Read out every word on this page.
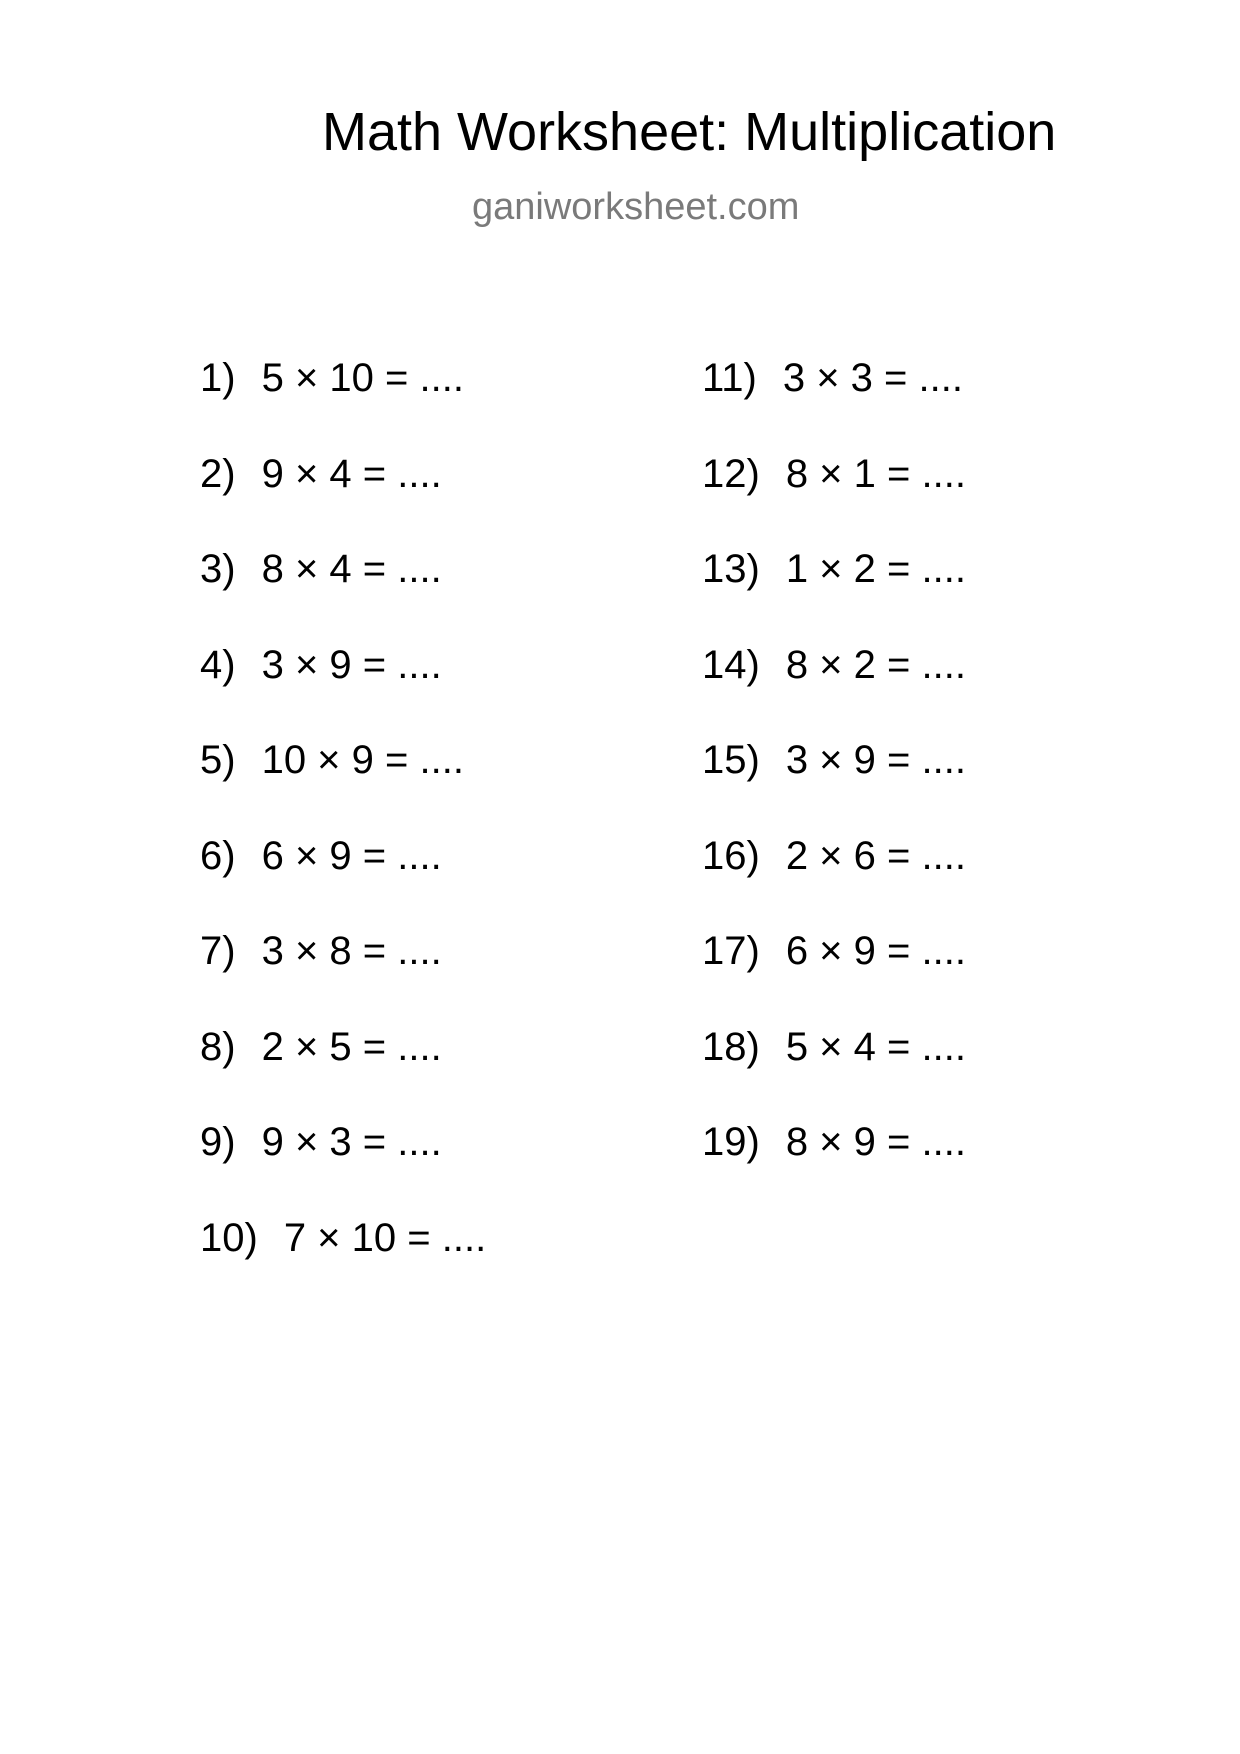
Math Worksheet: Multiplication
ganiworksheet.com
1) 5 × 10 = ....
2) 9 × 4 = ....
3) 8 × 4 = ....
4) 3 × 9 = ....
5) 10 × 9 = ....
6) 6 × 9 = ....
7) 3 × 8 = ....
8) 2 × 5 = ....
9) 9 × 3 = ....
10) 7 × 10 = ....
11) 3 × 3 = ....
12) 8 × 1 = ....
13) 1 × 2 = ....
14) 8 × 2 = ....
15) 3 × 9 = ....
16) 2 × 6 = ....
17) 6 × 9 = ....
18) 5 × 4 = ....
19) 8 × 9 = ....
